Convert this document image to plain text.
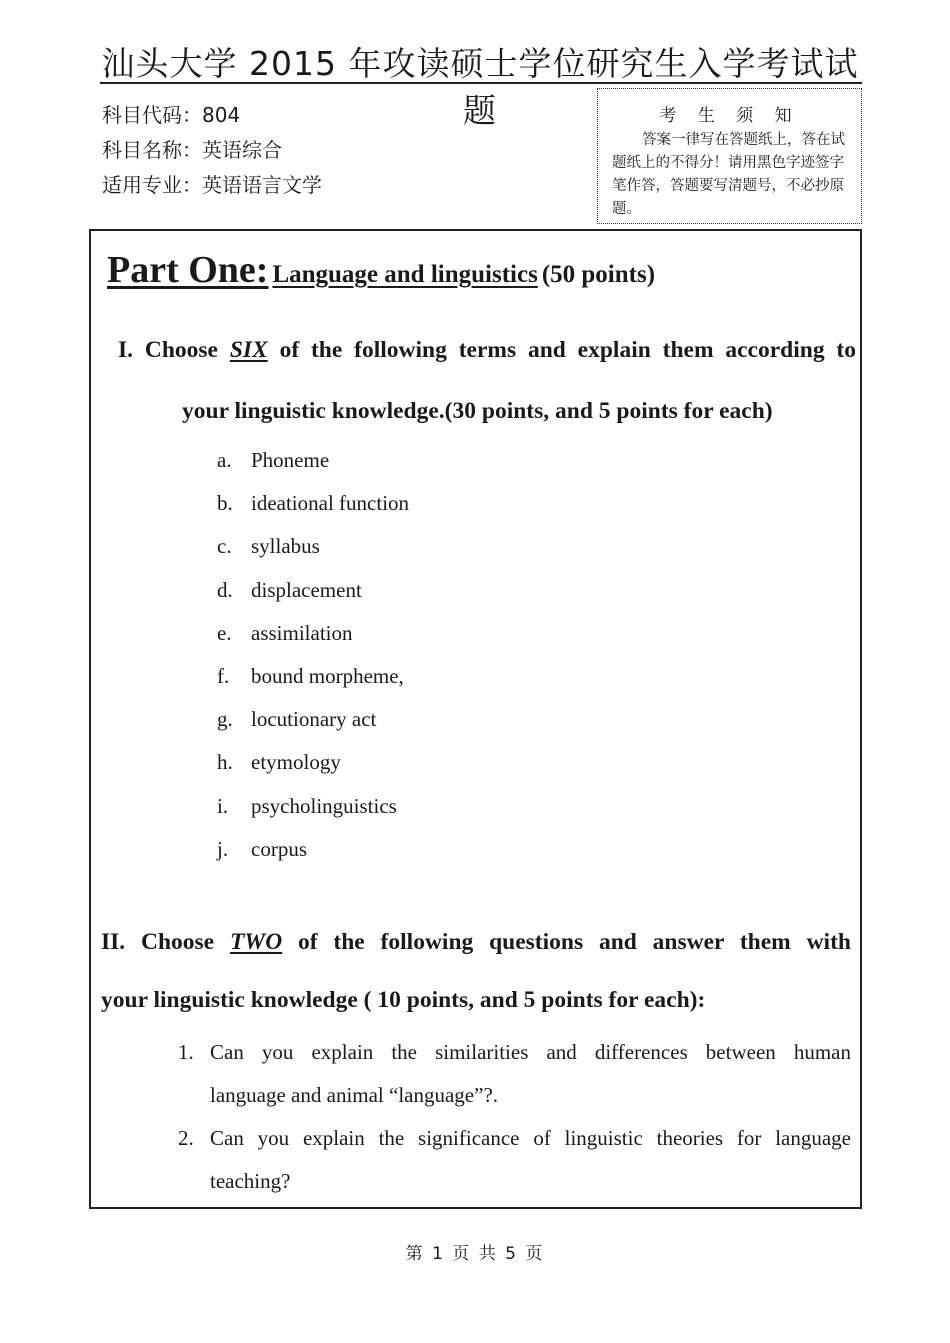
汕头大学 2015 年攻读硕士学位研究生入学考试试题
科目代码：804
科目名称：英语综合
适用专业：英语语言文学
考 生 须 知
答案一律写在答题纸上，答在试题纸上的不得分！请用黑色字迹签字笔作答，答题要写清题号，不必抄原题。
Part One: Language and linguistics (50 points)
I. Choose SIX of the following terms and explain them according to
your linguistic knowledge.(30 points, and 5 points for each)
a. Phoneme
b. ideational function
c. syllabus
d. displacement
e. assimilation
f. bound morpheme,
g. locutionary act
h. etymology
i. psycholinguistics
j. corpus
II. Choose TWO of the following questions and answer them with
your linguistic knowledge ( 10 points, and 5 points for each):
1. Can you explain the similarities and differences between human
language and animal “language”?.
2. Can you explain the significance of linguistic theories for language
teaching?
第 1 页 共 5 页
